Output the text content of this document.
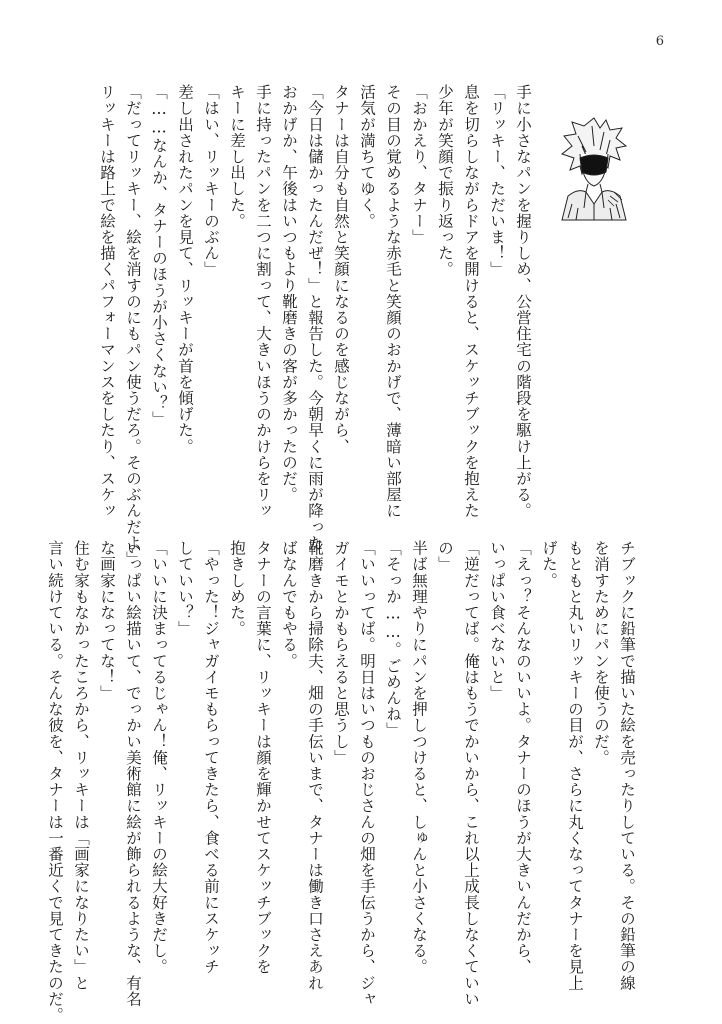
6
手に小さなパンを握りしめ、公営住宅の階段を駆け上がる。
「リッキー、ただいま！」
息を切らしながらドアを開けると、スケッチブックを抱えた
少年が笑顔で振り返った。
「おかえり、タナー」
その目の覚めるような赤毛と笑顔のおかげで、薄暗い部屋に
活気が満ちてゆく。
タナーは自分も自然と笑顔になるのを感じながら、
「今日は儲かったんだぜ！」と報告した。今朝早くに雨が降った
おかげか、午後はいつもより靴磨きの客が多かったのだ。
手に持ったパンを二つに割って、大きいほうのかけらをリッ
キーに差し出した。
「はい、リッキーのぶん」
差し出されたパンを見て、リッキーが首を傾げた。
「……なんか、タナーのほうが小さくない？」
「だってリッキー、絵を消すのにもパン使うだろ。そのぶんだよ」
リッキーは路上で絵を描くパフォーマンスをしたり、スケッ
チブックに鉛筆で描いた絵を売ったりしている。その鉛筆の線
を消すためにパンを使うのだ。
もともと丸いリッキーの目が、さらに丸くなってタナーを見上
げた。
「えっ？そんなのいいよ。タナーのほうが大きいんだから、
いっぱい食べないと」
「逆だってば。俺はもうでかいから、これ以上成長しなくていい
の」
半ば無理やりにパンを押しつけると、しゅんと小さくなる。
「そっか……。ごめんね」
「いいってば。明日はいつものおじさんの畑を手伝うから、ジャ
ガイモとかもらえると思うし」
靴磨きから掃除夫、畑の手伝いまで、タナーは働き口さえあれ
ばなんでもやる。
タナーの言葉に、リッキーは顔を輝かせてスケッチブックを
抱きしめた。
「やった！ジャガイモもらってきたら、食べる前にスケッチ
していい？」
「いいに決まってるじゃん！俺、リッキーの絵大好きだし。
いっぱい絵描いて、でっかい美術館に絵が飾られるような、有名
な画家になってな！」
住む家もなかったころから、リッキーは「画家になりたい」と
言い続けている。そんな彼を、タナーは一番近くで見てきたのだ。
